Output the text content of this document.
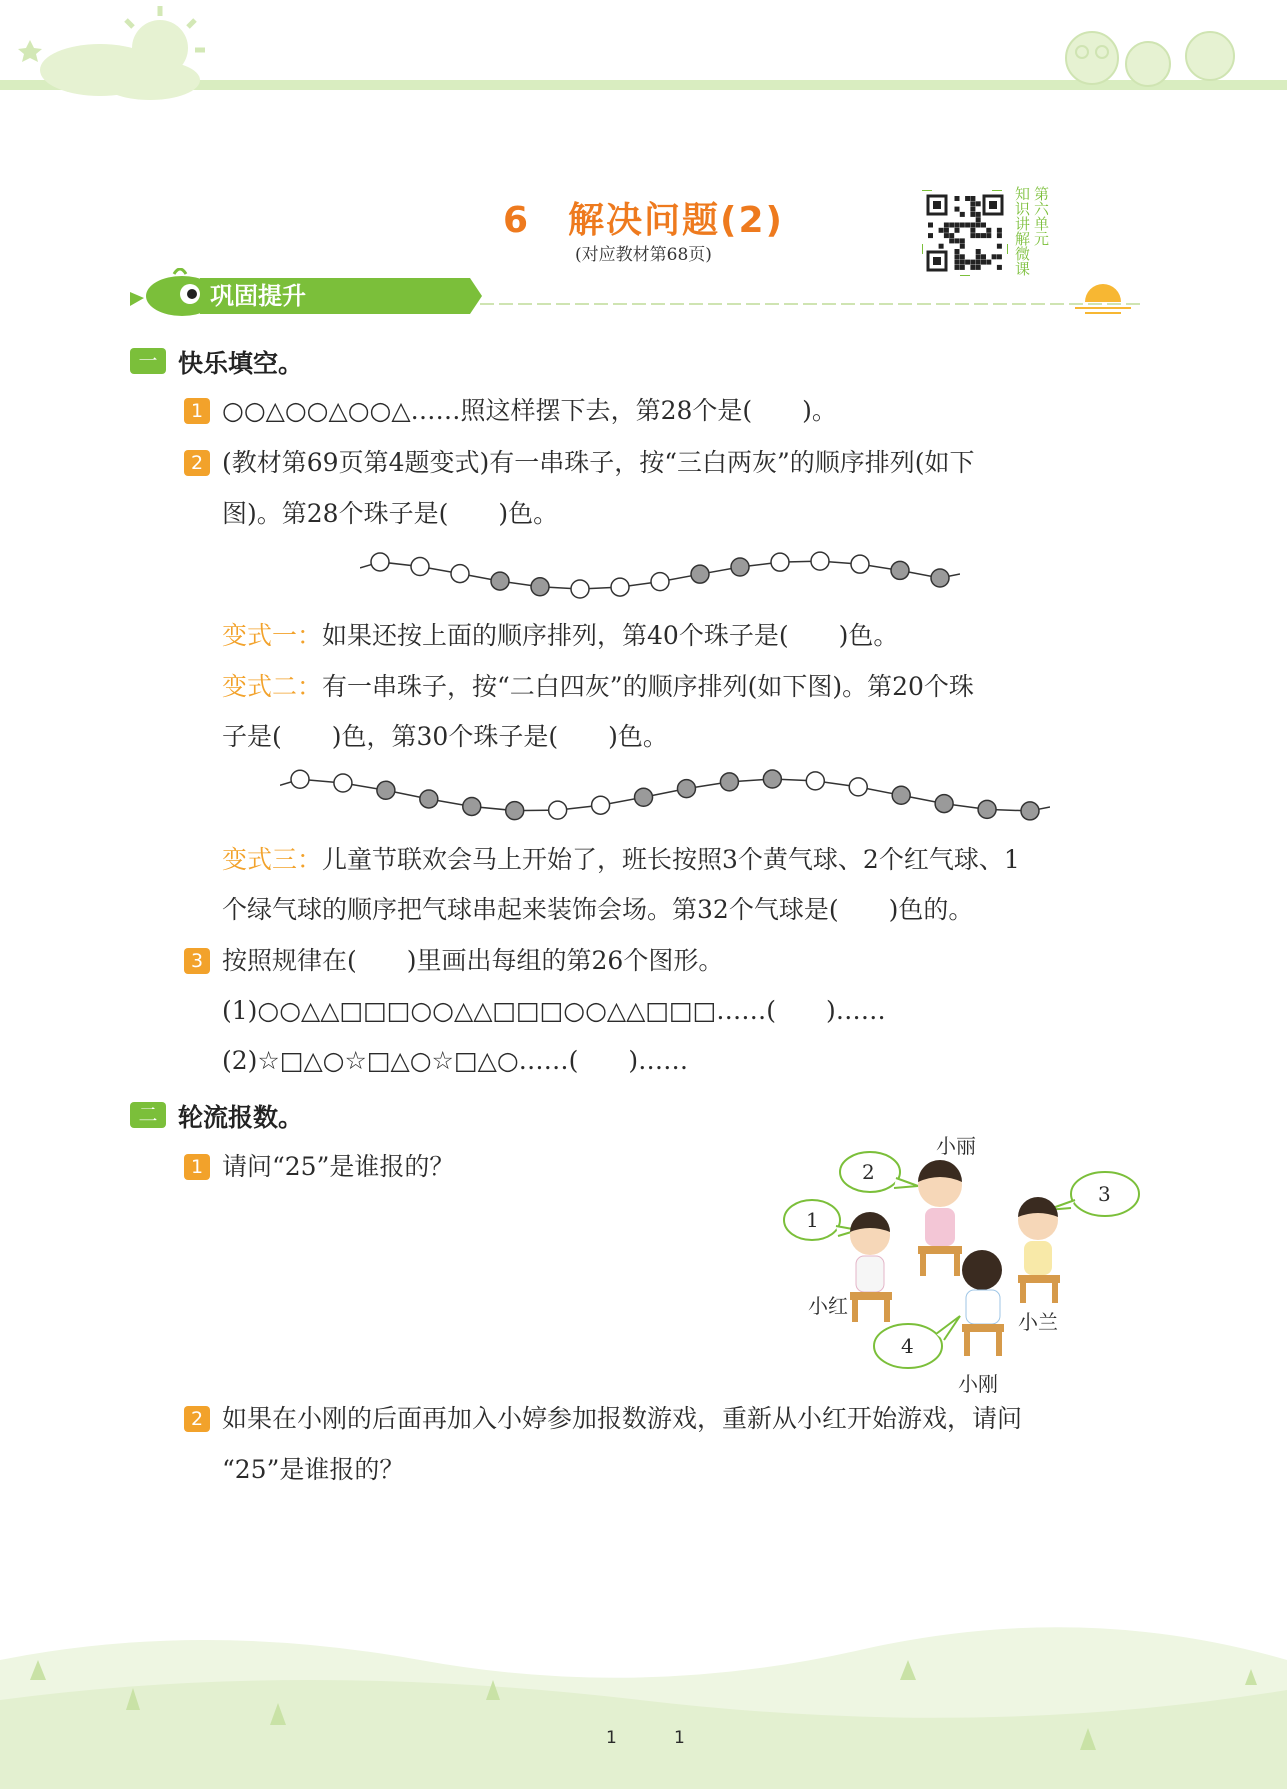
6　解决问题(2)
(对应教材第68页)
第六单元
知识讲解微课
巩固提升
一 快乐填空。
1 ○○△○○△○○△……照这样摆下去，第28个是(　　)。
2 (教材第69页第4题变式)有一串珠子，按“三白两灰”的顺序排列(如下
图)。第28个珠子是(　　)色。
变式一：如果还按上面的顺序排列，第40个珠子是(　　)色。
变式二：有一串珠子，按“二白四灰”的顺序排列(如下图)。第20个珠
子是(　　)色，第30个珠子是(　　)色。
变式三：儿童节联欢会马上开始了，班长按照3个黄气球、2个红气球、1
个绿气球的顺序把气球串起来装饰会场。第32个气球是(　　)色的。
3 按照规律在(　　)里画出每组的第26个图形。
(1)○○△△□□□○○△△□□□○○△△□□□……(　　)……
(2)☆□△○☆□△○☆□△○……(　　)……
二 轮流报数。
1 请问“25”是谁报的？
小丽
小红
小兰
小刚
1
2
3
4
2 如果在小刚的后面再加入小婷参加报数游戏，重新从小红开始游戏，请问
“25”是谁报的？
1	1
